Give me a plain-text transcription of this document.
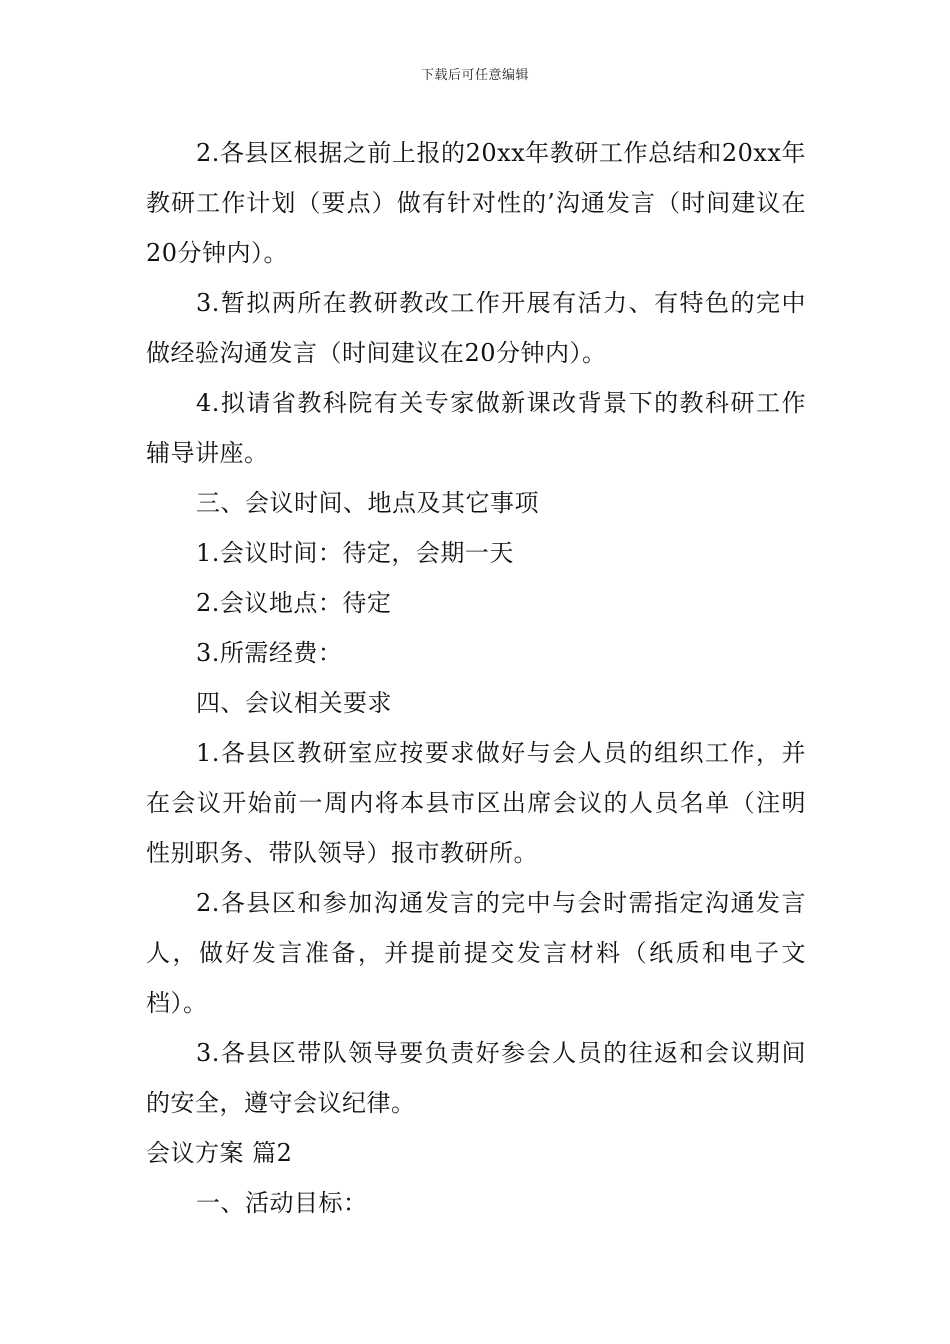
下载后可任意编辑

2.各县区根据之前上报的20xx年教研工作总结和20xx年教研工作计划（要点）做有针对性的’沟通发言（时间建议在20分钟内）。

3.暂拟两所在教研教改工作开展有活力、有特色的完中做经验沟通发言（时间建议在20分钟内）。

4.拟请省教科院有关专家做新课改背景下的教科研工作辅导讲座。

三、会议时间、地点及其它事项

1.会议时间：待定，会期一天

2.会议地点：待定

3.所需经费：

四、会议相关要求

1.各县区教研室应按要求做好与会人员的组织工作，并在会议开始前一周内将本县市区出席会议的人员名单（注明性别职务、带队领导）报市教研所。

2.各县区和参加沟通发言的完中与会时需指定沟通发言人，做好发言准备，并提前提交发言材料（纸质和电子文档）。

3.各县区带队领导要负责好参会人员的往返和会议期间的安全，遵守会议纪律。

会议方案 篇2

一、活动目标：
